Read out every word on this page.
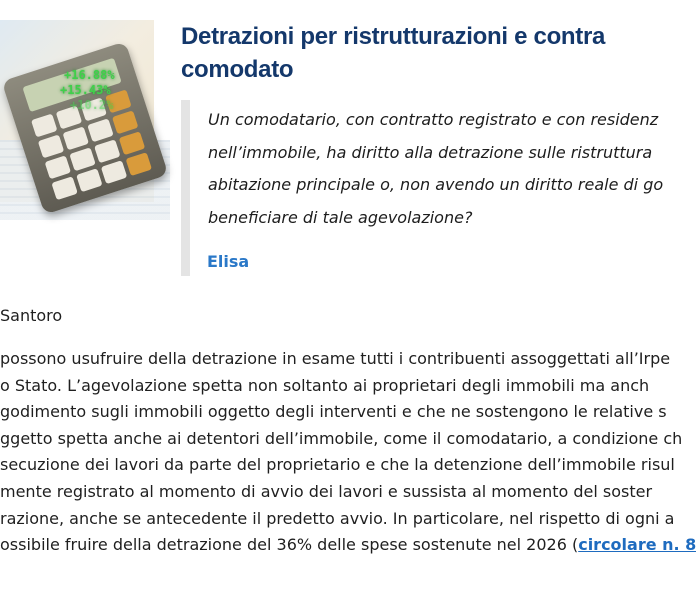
+16.88%
+15.43%
+10.2%
Detrazioni per ristrutturazioni e contra
comodato

Un comodatario, con contratto registrato e con residenz
nell’immobile, ha diritto alla detrazione sulle ristruttura
abitazione principale o, non avendo un diritto reale di go
beneficiare di tale agevolazione?

Elisa
Santoro
possono usufruire della detrazione in esame tutti i contribuenti assoggettati all’Irpe
o Stato. L’agevolazione spetta non soltanto ai proprietari degli immobili ma anch
godimento sugli immobili oggetto degli interventi e che ne sostengono le relative s
ggetto spetta anche ai detentori dell’immobile, come il comodatario, a condizione ch
secuzione dei lavori da parte del proprietario e che la detenzione dell’immobile risul
mente registrato al momento di avvio dei lavori e sussista al momento del soster
razione, anche se antecedente il predetto avvio. In particolare, nel rispetto di ogni a
ossibile fruire della detrazione del 36% delle spese sostenute nel 2026 (circolare n. 8
